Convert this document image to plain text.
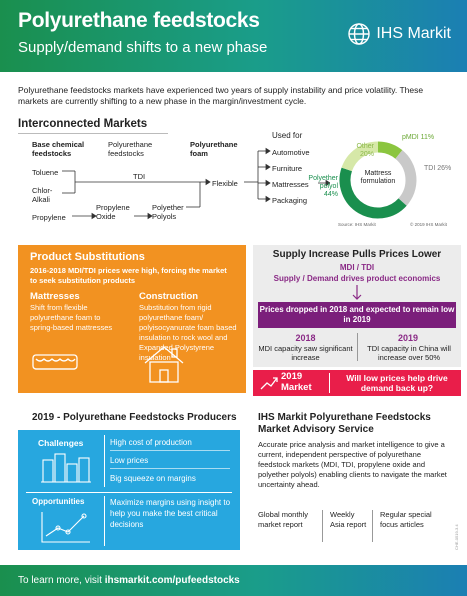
Polyurethane feedstocks
Supply/demand shifts to a new phase
IHS Markit
Polyurethane feedstocks markets have experienced two years of supply instability and price volatility. These markets are currently shifting to a new phase in the margin/investment cycle.
Interconnected Markets
Base chemical feedstocks
Polyurethane feedstocks
Polyurethane foam
Used for
Toluene
Chlor-Alkali
Propylene
TDI
Propylene Oxide
Polyether Polyols
Flexible
Automotive
Furniture
Mattresses
Packaging
Mattress formulation
pMDI 11%
TDI 26%
Polyether polyol 44%
Other 20%
Source: IHS Markit	© 2019 IHS Markit
Product Substitutions
2016-2018 MDI/TDI prices were high, forcing the market to seek substitution products
Mattresses
Shift from flexible polyurethane foam to spring-based mattresses
Construction
Substitution from rigid polyurethane foam/ polyisocyanurate foam based insulation to rock wool and Expanded Polystyrene insulation
Supply Increase Pulls Prices Lower
MDI / TDI
Supply / Demand drives product economics
Prices dropped in 2018 and expected to remain low in 2019
2018
MDI capacity saw significant increase
2019
TDI capacity in China will increase over 50%
2019
Market
Will low prices help drive demand back up?
2019 - Polyurethane Feedstocks Producers
Challenges	High cost of production
Low prices
Big squeeze on margins
Opportunities	Maximize margins using insight to help you make the best critical decisions
IHS Markit Polyurethane Feedstocks Market Advisory Service
Accurate price analysis and market intelligence to give a current, independent perspective of polyurethane feedstock markets (MDI, TDI, propylene oxide and polyether polyols) enabling clients to navigate the market uncertainty ahead.
Global monthly market report
Weekly Asia report
Regular special focus articles	CHE-0519-3.4
To learn more, visit ihsmarkit.com/pufeedstocks
